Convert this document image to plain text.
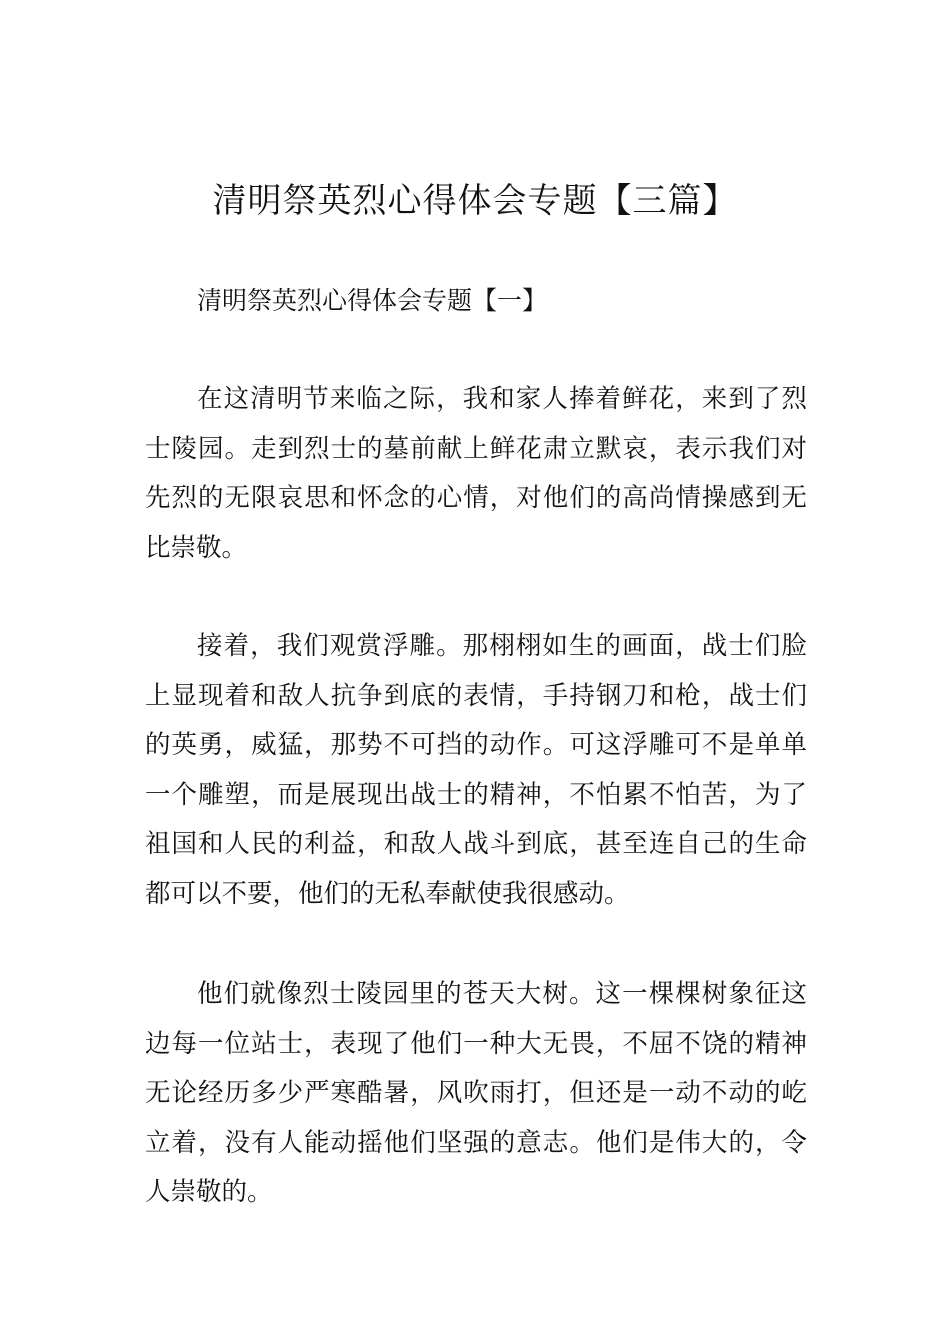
清明祭英烈心得体会专题【三篇】
清明祭英烈心得体会专题【一】

在这清明节来临之际，我和家人捧着鲜花，来到了烈士陵园。走到烈士的墓前献上鲜花肃立默哀，表示我们对先烈的无限哀思和怀念的心情，对他们的高尚情操感到无比崇敬。

接着，我们观赏浮雕。那栩栩如生的画面，战士们脸上显现着和敌人抗争到底的表情，手持钢刀和枪，战士们的英勇，威猛，那势不可挡的动作。可这浮雕可不是单单一个雕塑，而是展现出战士的精神，不怕累不怕苦，为了祖国和人民的利益，和敌人战斗到底，甚至连自己的生命都可以不要，他们的无私奉献使我很感动。

他们就像烈士陵园里的苍天大树。这一棵棵树象征这边每一位站士，表现了他们一种大无畏，不屈不饶的精神无论经历多少严寒酷暑，风吹雨打，但还是一动不动的屹立着，没有人能动摇他们坚强的意志。他们是伟大的，令人崇敬的。
